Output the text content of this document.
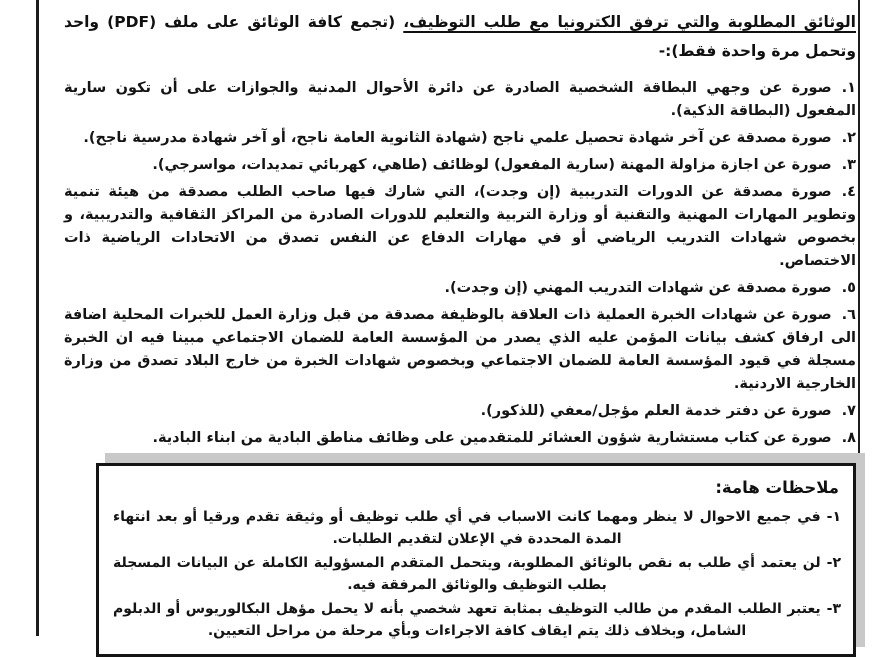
الوثائق المطلوبة والتي ترفق الكترونيا مع طلب التوظيف، (تجمع كافة الوثائق على ملف (PDF) واحد وتحمل مرة واحدة فقط):-

١.صورة عن وجهي البطاقة الشخصية الصادرة عن دائرة الأحوال المدنية والجوازات على أن تكون سارية المفعول (البطاقة الذكية).
٢.صورة مصدقة عن آخر شهادة تحصيل علمي ناجح (شهادة الثانوية العامة ناجح، أو آخر شهادة مدرسية ناجح).
٣.صورة عن اجازة مزاولة المهنة (سارية المفعول) لوظائف (طاهي، كهربائي تمديدات، مواسرجي).
٤.صورة مصدقة عن الدورات التدريبية (إن وجدت)، التي شارك فيها صاحب الطلب مصدقة من هيئة تنمية وتطوير المهارات المهنية والتقنية أو وزارة التربية والتعليم للدورات الصادرة من المراكز الثقافية والتدريبية، و بخصوص شهادات التدريب الرياضي أو في مهارات الدفاع عن النفس تصدق من الاتحادات الرياضية ذات الاختصاص.
٥.صورة مصدقة عن شهادات التدريب المهني (إن وجدت).
٦.صورة عن شهادات الخبرة العملية ذات العلاقة بالوظيفة مصدقة من قبل وزارة العمل للخبرات المحلية اضافة الى ارفاق كشف بيانات المؤمن عليه الذي يصدر من المؤسسة العامة للضمان الاجتماعي مبينا فيه ان الخبرة مسجلة في قيود المؤسسة العامة للضمان الاجتماعي وبخصوص شهادات الخبرة من خارج البلاد تصدق من وزارة الخارجية الاردنية.
٧.صورة عن دفتر خدمة العلم مؤجل/معفي (للذكور).
٨.صورة عن كتاب مستشارية شؤون العشائر للمتقدمين على وظائف مناطق البادية من ابناء البادية.

ملاحظات هامة:

١-في جميع الاحوال لا ينظر ومهما كانت الاسباب في أي طلب توظيف أو وثيقة تقدم ورقيا أو بعد انتهاء المدة المحددة في الإعلان لتقديم الطلبات.
٢-لن يعتمد أي طلب به نقص بالوثائق المطلوبة، ويتحمل المتقدم المسؤولية الكاملة عن البيانات المسجلة بطلب التوظيف والوثائق المرفقة فيه.
٣-يعتبر الطلب المقدم من طالب التوظيف بمثابة تعهد شخصي بأنه لا يحمل مؤهل البكالوريوس أو الدبلوم الشامل، وبخلاف ذلك يتم ايقاف كافة الاجراءات وبأي مرحلة من مراحل التعيين.
